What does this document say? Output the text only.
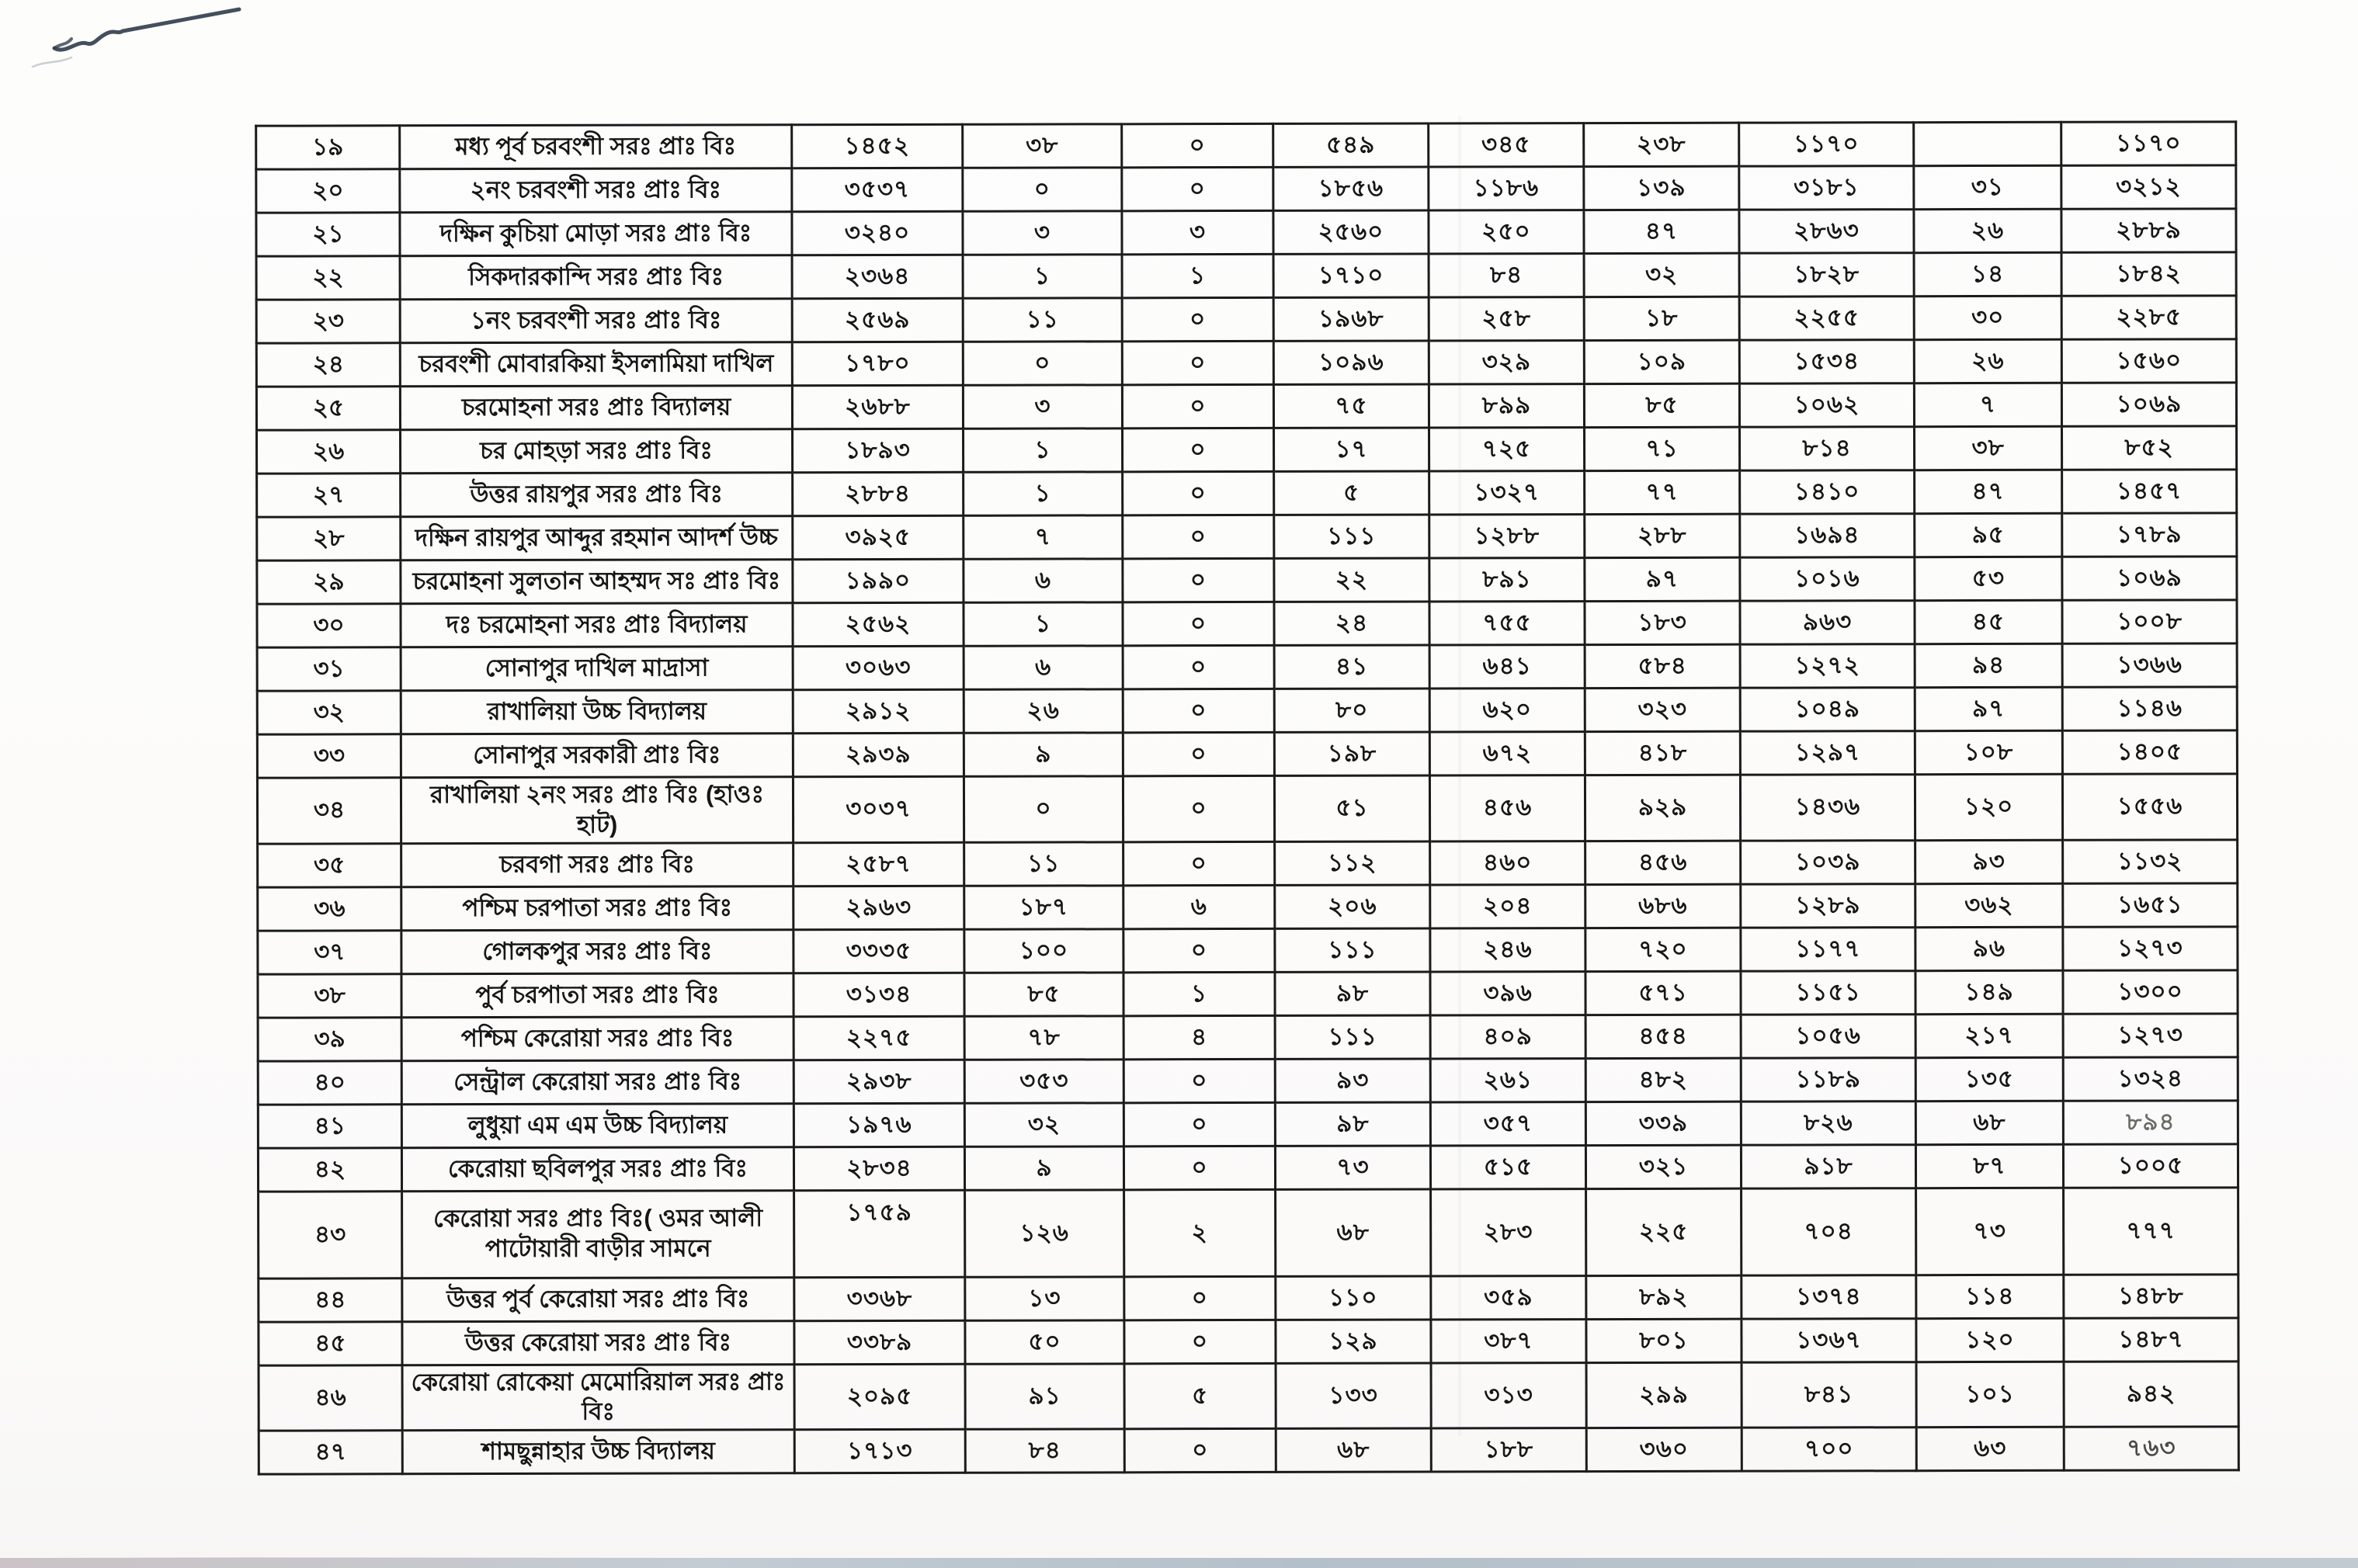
১৯	মধ্য পূর্ব চরবংশী সরঃ প্রাঃ বিঃ	১৪৫২	৩৮	০	৫৪৯	৩৪৫	২৩৮	১১৭০		১১৭০
২০	২নং চরবংশী সরঃ প্রাঃ বিঃ	৩৫৩৭	০	০	১৮৫৬	১১৮৬	১৩৯	৩১৮১	৩১	৩২১২
২১	দক্ষিন কুচিয়া মোড়া সরঃ প্রাঃ বিঃ	৩২৪০	৩	৩	২৫৬০	২৫০	৪৭	২৮৬৩	২৬	২৮৮৯
২২	সিকদারকান্দি সরঃ প্রাঃ বিঃ	২৩৬৪	১	১	১৭১০	৮৪	৩২	১৮২৮	১৪	১৮৪২
২৩	১নং চরবংশী সরঃ প্রাঃ বিঃ	২৫৬৯	১১	০	১৯৬৮	২৫৮	১৮	২২৫৫	৩০	২২৮৫
২৪	চরবংশী মোবারকিয়া ইসলামিয়া দাখিল	১৭৮০	০	০	১০৯৬	৩২৯	১০৯	১৫৩৪	২৬	১৫৬০
২৫	চরমোহনা সরঃ প্রাঃ বিদ্যালয়	২৬৮৮	৩	০	৭৫	৮৯৯	৮৫	১০৬২	৭	১০৬৯
২৬	চর মোহড়া সরঃ প্রাঃ বিঃ	১৮৯৩	১	০	১৭	৭২৫	৭১	৮১৪	৩৮	৮৫২
২৭	উত্তর রায়পুর সরঃ প্রাঃ বিঃ	২৮৮৪	১	০	৫	১৩২৭	৭৭	১৪১০	৪৭	১৪৫৭
২৮	দক্ষিন রায়পুর আব্দুর রহমান আদর্শ উচ্চ	৩৯২৫	৭	০	১১১	১২৮৮	২৮৮	১৬৯৪	৯৫	১৭৮৯
২৯	চরমোহনা সুলতান আহম্মদ সঃ প্রাঃ বিঃ	১৯৯০	৬	০	২২	৮৯১	৯৭	১০১৬	৫৩	১০৬৯
৩০	দঃ চরমোহনা সরঃ প্রাঃ বিদ্যালয়	২৫৬২	১	০	২৪	৭৫৫	১৮৩	৯৬৩	৪৫	১০০৮
৩১	সোনাপুর দাখিল মাদ্রাসা	৩০৬৩	৬	০	৪১	৬৪১	৫৮৪	১২৭২	৯৪	১৩৬৬
৩২	রাখালিয়া উচ্চ বিদ্যালয়	২৯১২	২৬	০	৮০	৬২০	৩২৩	১০৪৯	৯৭	১১৪৬
৩৩	সোনাপুর সরকারী প্রাঃ বিঃ	২৯৩৯	৯	০	১৯৮	৬৭২	৪১৮	১২৯৭	১০৮	১৪০৫
৩৪	রাখালিয়া ২নং সরঃ প্রাঃ বিঃ (হাওঃ হাট)	৩০৩৭	০	০	৫১	৪৫৬	৯২৯	১৪৩৬	১২০	১৫৫৬
৩৫	চরবগা সরঃ প্রাঃ বিঃ	২৫৮৭	১১	০	১১২	৪৬০	৪৫৬	১০৩৯	৯৩	১১৩২
৩৬	পশ্চিম চরপাতা সরঃ প্রাঃ বিঃ	২৯৬৩	১৮৭	৬	২০৬	২০৪	৬৮৬	১২৮৯	৩৬২	১৬৫১
৩৭	গোলকপুর সরঃ প্রাঃ বিঃ	৩৩৩৫	১০০	০	১১১	২৪৬	৭২০	১১৭৭	৯৬	১২৭৩
৩৮	পুর্ব চরপাতা সরঃ প্রাঃ বিঃ	৩১৩৪	৮৫	১	৯৮	৩৯৬	৫৭১	১১৫১	১৪৯	১৩০০
৩৯	পশ্চিম কেরোয়া সরঃ প্রাঃ বিঃ	২২৭৫	৭৮	৪	১১১	৪০৯	৪৫৪	১০৫৬	২১৭	১২৭৩
৪০	সেন্ট্রাল কেরোয়া সরঃ প্রাঃ বিঃ	২৯৩৮	৩৫৩	০	৯৩	২৬১	৪৮২	১১৮৯	১৩৫	১৩২৪
৪১	লুধুয়া এম এম উচ্চ বিদ্যালয়	১৯৭৬	৩২	০	৯৮	৩৫৭	৩৩৯	৮২৬	৬৮	৮৯৪
৪২	কেরোয়া ছবিলপুর সরঃ প্রাঃ বিঃ	২৮৩৪	৯	০	৭৩	৫১৫	৩২১	৯১৮	৮৭	১০০৫
৪৩	কেরোয়া সরঃ প্রাঃ বিঃ( ওমর আলী পাটোয়ারী বাড়ীর সামনে	১৭৫৯	১২৬	২	৬৮	২৮৩	২২৫	৭০৪	৭৩	৭৭৭
৪৪	উত্তর পুর্ব কেরোয়া সরঃ প্রাঃ বিঃ	৩৩৬৮	১৩	০	১১০	৩৫৯	৮৯২	১৩৭৪	১১৪	১৪৮৮
৪৫	উত্তর কেরোয়া সরঃ প্রাঃ বিঃ	৩৩৮৯	৫০	০	১২৯	৩৮৭	৮০১	১৩৬৭	১২০	১৪৮৭
৪৬	কেরোয়া রোকেয়া মেমোরিয়াল সরঃ প্রাঃ বিঃ	২০৯৫	৯১	৫	১৩৩	৩১৩	২৯৯	৮৪১	১০১	৯৪২
৪৭	শামছুন্নাহার উচ্চ বিদ্যালয়	১৭১৩	৮৪	০	৬৮	১৮৮	৩৬০	৭০০	৬৩	৭৬৩
